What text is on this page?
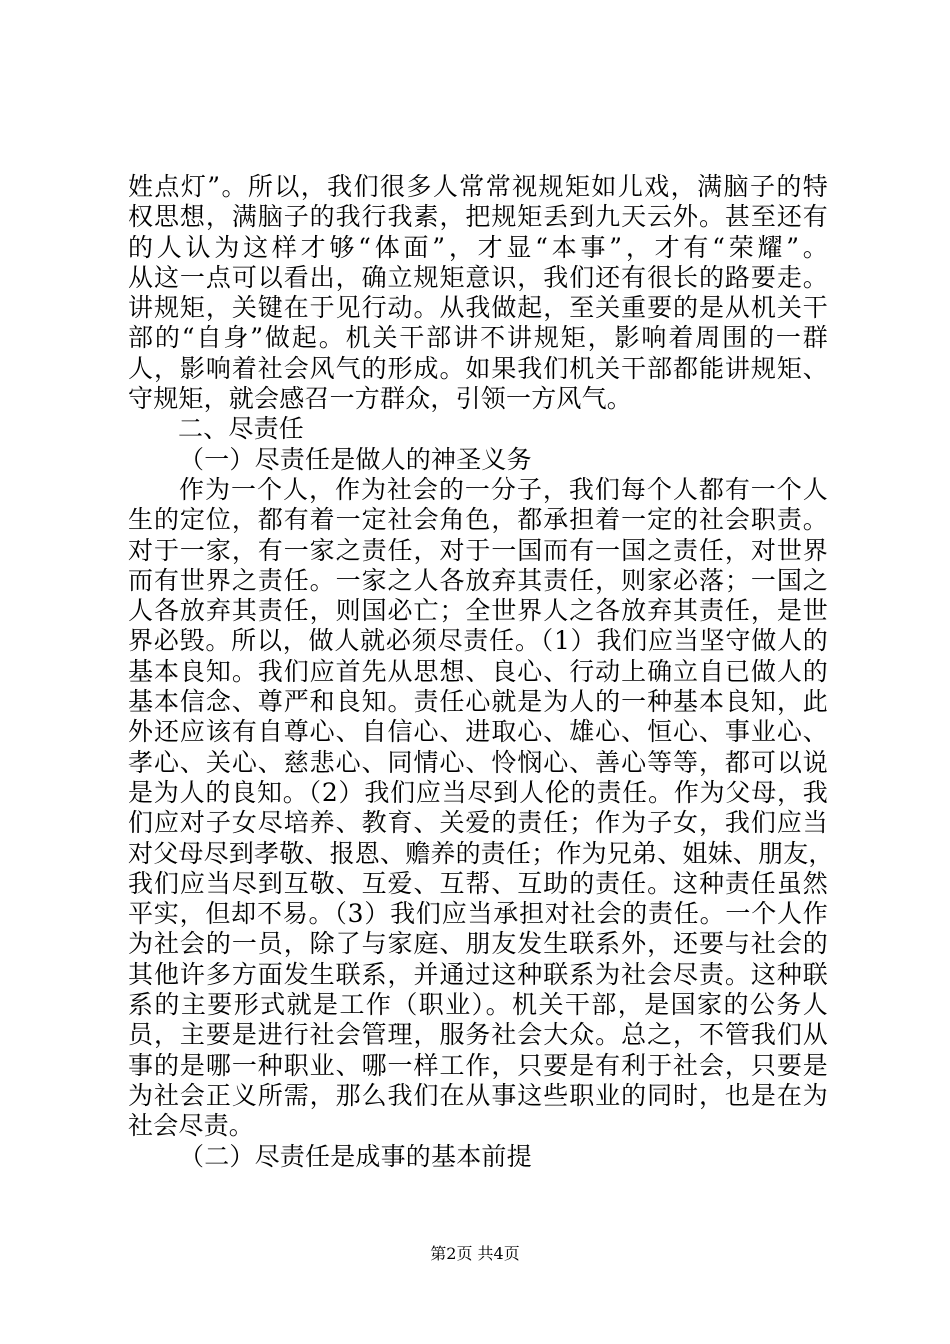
姓点灯”。所以，我们很多人常常视规矩如儿戏，满脑子的特
权思想，满脑子的我行我素，把规矩丢到九天云外。甚至还有
的人认为这样才够“体面”，才显“本事”，才有“荣耀”。
从这一点可以看出，确立规矩意识，我们还有很长的路要走。
讲规矩，关键在于见行动。从我做起，至关重要的是从机关干
部的“自身”做起。机关干部讲不讲规矩，影响着周围的一群
人，影响着社会风气的形成。如果我们机关干部都能讲规矩、
守规矩，就会感召一方群众，引领一方风气。
二、尽责任
（一）尽责任是做人的神圣义务
作为一个人，作为社会的一分子，我们每个人都有一个人
生的定位，都有着一定社会角色，都承担着一定的社会职责。
对于一家，有一家之责任，对于一国而有一国之责任，对世界
而有世界之责任。一家之人各放弃其责任，则家必落；一国之
人各放弃其责任，则国必亡；全世界人之各放弃其责任，是世
界必毁。所以，做人就必须尽责任。（1）我们应当坚守做人的
基本良知。我们应首先从思想、良心、行动上确立自已做人的
基本信念、尊严和良知。责任心就是为人的一种基本良知，此
外还应该有自尊心、自信心、进取心、雄心、恒心、事业心、
孝心、关心、慈悲心、同情心、怜悯心、善心等等，都可以说
是为人的良知。（2）我们应当尽到人伦的责任。作为父母，我
们应对子女尽培养、教育、关爱的责任；作为子女，我们应当
对父母尽到孝敬、报恩、赡养的责任；作为兄弟、姐妹、朋友，
我们应当尽到互敬、互爱、互帮、互助的责任。这种责任虽然
平实，但却不易。（3）我们应当承担对社会的责任。一个人作
为社会的一员，除了与家庭、朋友发生联系外，还要与社会的
其他许多方面发生联系，并通过这种联系为社会尽责。这种联
系的主要形式就是工作（职业）。机关干部，是国家的公务人
员，主要是进行社会管理，服务社会大众。总之，不管我们从
事的是哪一种职业、哪一样工作，只要是有利于社会，只要是
为社会正义所需，那么我们在从事这些职业的同时，也是在为
社会尽责。
（二）尽责任是成事的基本前提
第2页 共4页
